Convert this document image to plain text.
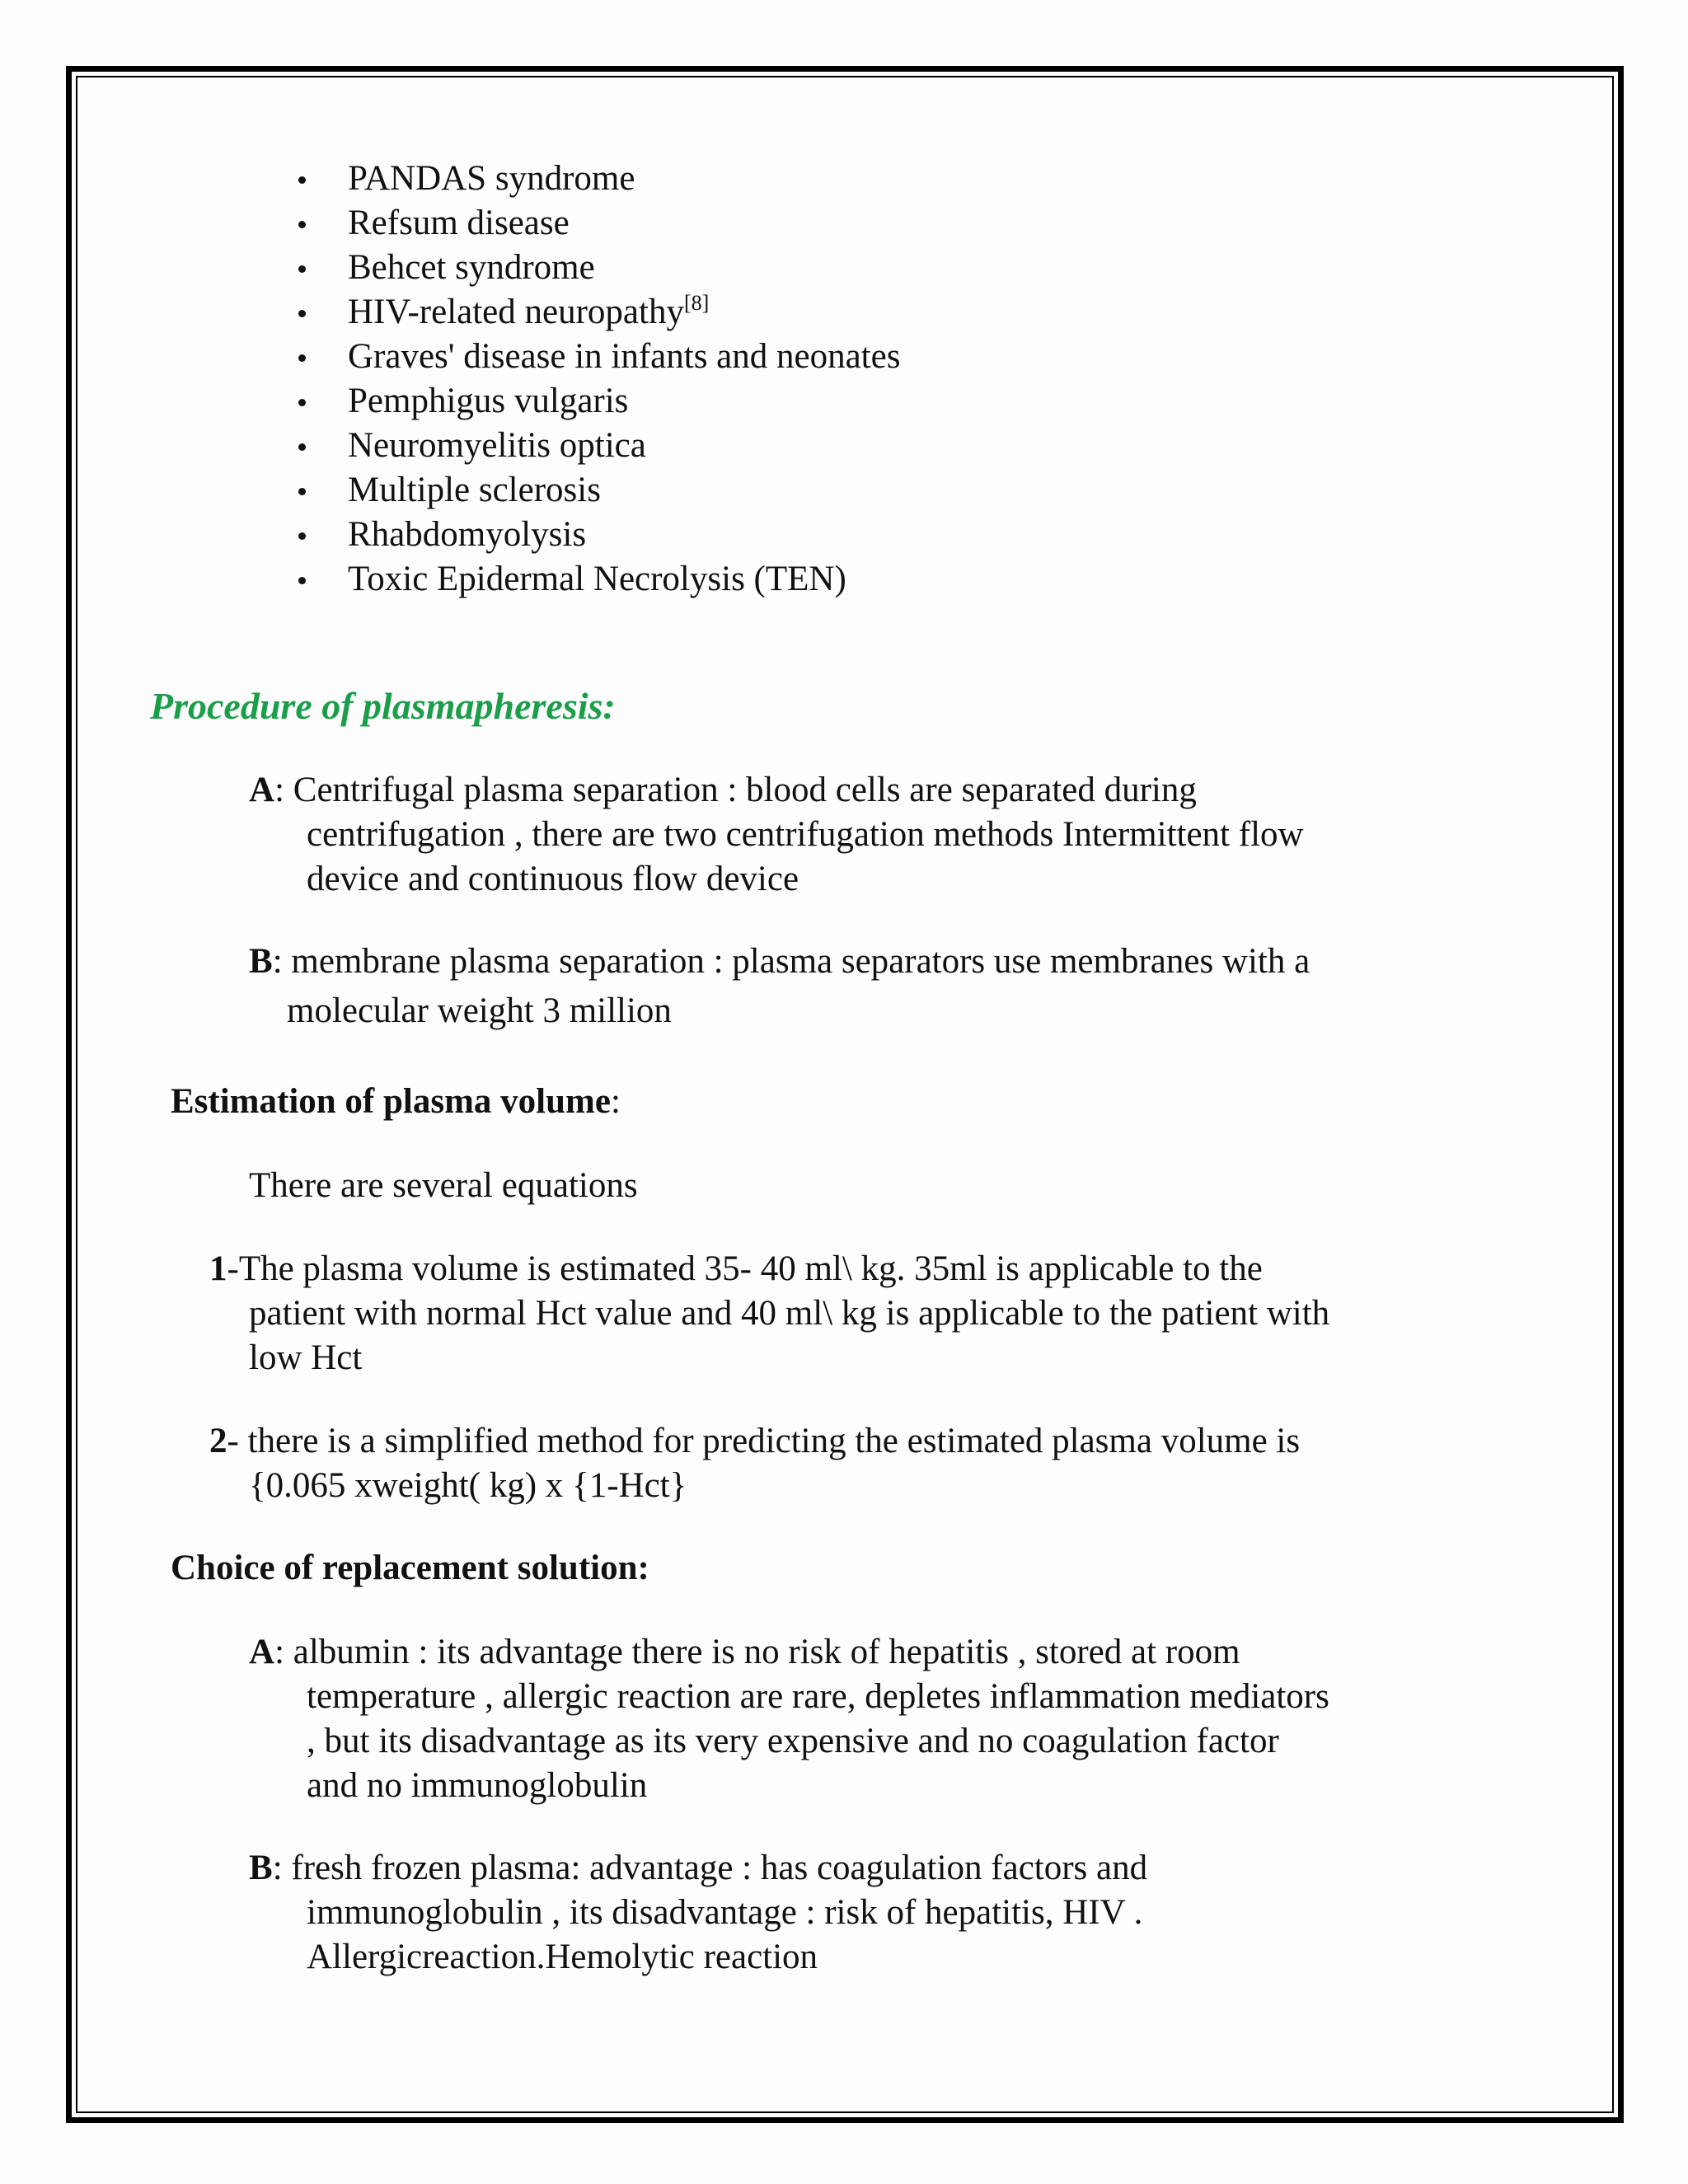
PANDAS syndrome
Refsum disease
Behcet syndrome
HIV-related neuropathy[8]
Graves' disease in infants and neonates
Pemphigus vulgaris
Neuromyelitis optica
Multiple sclerosis
Rhabdomyolysis
Toxic Epidermal Necrolysis (TEN)
Procedure of plasmapheresis:
A: Centrifugal plasma separation : blood cells are separated during
centrifugation , there are two centrifugation methods Intermittent flow
device and continuous flow device
B: membrane plasma separation : plasma separators use membranes with a
molecular weight 3 million
Estimation of plasma volume:
There are several equations
1-The plasma volume is estimated 35- 40 ml\ kg. 35ml is applicable to the
patient with normal Hct value and 40 ml\ kg is applicable to the patient with
low Hct
2- there is a simplified method for predicting the estimated plasma volume is
{0.065 xweight( kg) x {1-Hct}
Choice of replacement solution:
A: albumin : its advantage there is no risk of hepatitis , stored at room
temperature , allergic reaction are rare, depletes inflammation mediators
, but its disadvantage as its very expensive and no coagulation factor
and no immunoglobulin
B: fresh frozen plasma: advantage : has coagulation factors and
immunoglobulin , its disadvantage : risk of hepatitis, HIV .
Allergicreaction.Hemolytic reaction
